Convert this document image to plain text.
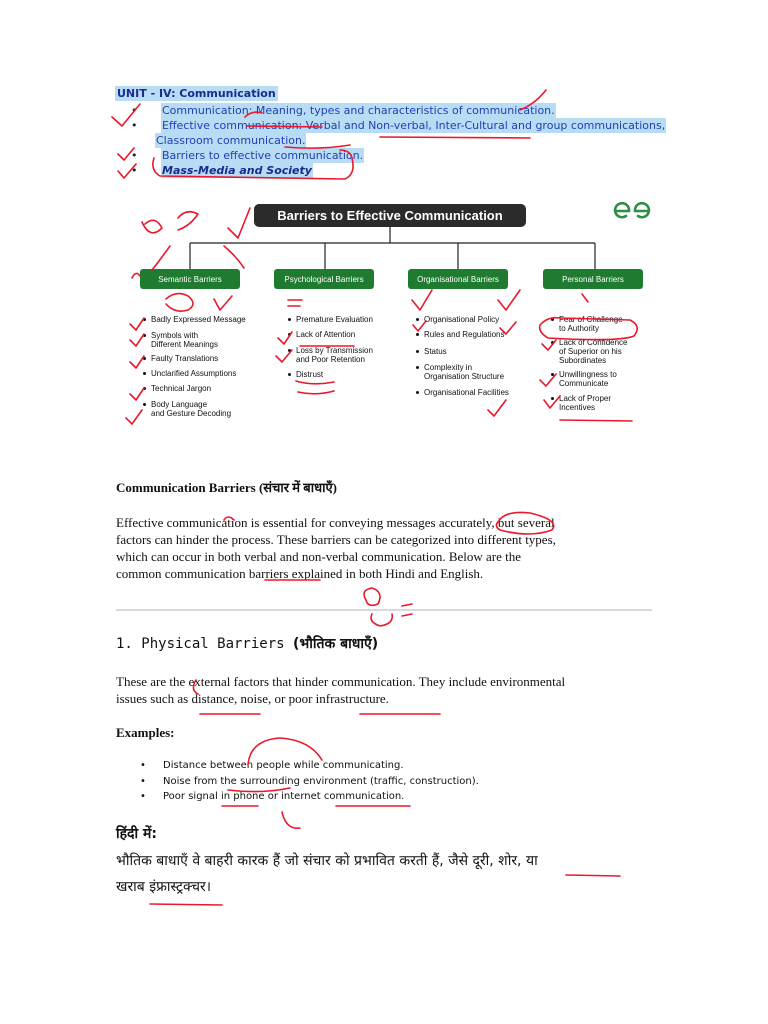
UNIT - IV: Communication
• Communication: Meaning, types and characteristics of communication.
• Effective communication: Verbal and Non-verbal, Inter-Cultural and group communications,
Classroom communication.
• Barriers to effective communication.
• Mass-Media and Society
Barriers to Effective Communication
Semantic Barriers	Psychological Barriers	Organisational Barriers	Personal Barriers
Badly Expressed Message
Symbols with
Different Meanings
Faulty Translations
Unclarified Assumptions
Technical Jargon
Body Language
and Gesture Decoding
Premature Evaluation
Lack of Attention
Loss by Transmission
and Poor Retention
Distrust
Organisational Policy
Rules and Regulations
Status
Complexity in
Organisation Structure
Organisational Facilities
Fear of Challenge
to Authority
Lack of Confidence
of Superior on his
Subordinates
Unwillingness to
Communicate
Lack of Proper
Incentives
Communication Barriers (संचार में बाधाएँ)
Effective communication is essential for conveying messages accurately, but several
factors can hinder the process. These barriers can be categorized into different types,
which can occur in both verbal and non-verbal communication. Below are the
common communication barriers explained in both Hindi and English.
1. Physical Barriers (भौतिक बाधाएँ)
These are the external factors that hinder communication. They include environmental
issues such as distance, noise, or poor infrastructure.
Examples:
• Distance between people while communicating.
• Noise from the surrounding environment (traffic, construction).
• Poor signal in phone or internet communication.
हिंदी में:
भौतिक बाधाएँ वे बाहरी कारक हैं जो संचार को प्रभावित करती हैं, जैसे दूरी, शोर, या
खराब इंफ्रास्ट्रक्चर।
